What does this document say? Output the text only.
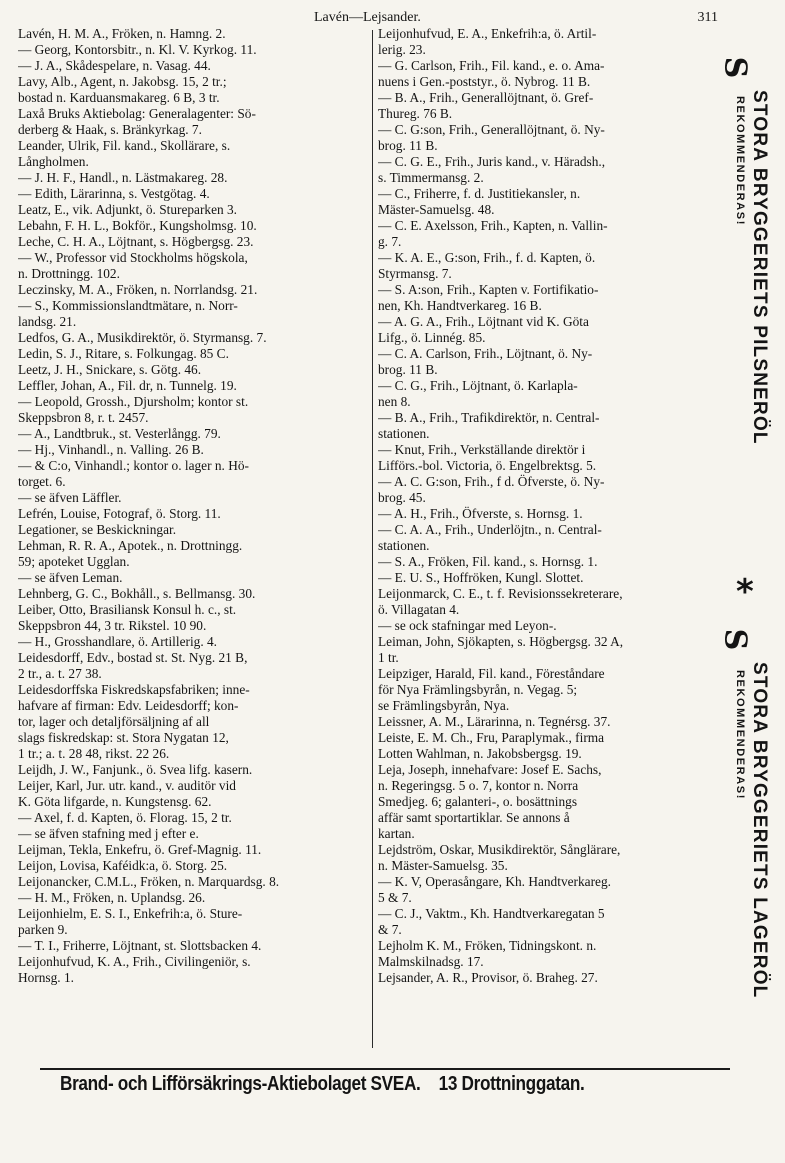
Lavén—Lejsander.	311

Lavén, H. M. A., Fröken, n. Hamng. 2.

— Georg, Kontorsbitr., n. Kl. V. Kyrkog. 11.

— J. A., Skådespelare, n. Vasag. 44.

Lavy, Alb., Agent, n. Jakobsg. 15, 2 tr.;
bostad n. Karduansmakareg. 6 B, 3 tr.

Laxå Bruks Aktiebolag: Generalagenter: Sö-
derberg & Haak, s. Bränkyrkag. 7.

Leander, Ulrik, Fil. kand., Skollärare, s.
Långholmen.

— J. H. F., Handl., n. Lästmakareg. 28.

— Edith, Lärarinna, s. Vestgötag. 4.

Leatz, E., vik. Adjunkt, ö. Stureparken 3.

Lebahn, F. H. L., Bokför., Kungsholmsg. 10.

Leche, C. H. A., Löjtnant, s. Högbergsg. 23.

— W., Professor vid Stockholms högskola,
n. Drottningg. 102.

Leczinsky, M. A., Fröken, n. Norrlandsg. 21.

— S., Kommissionslandtmätare, n. Norr-
landsg. 21.

Ledfos, G. A., Musikdirektör, ö. Styrmansg. 7.

Ledin, S. J., Ritare, s. Folkungag. 85 C.

Leetz, J. H., Snickare, s. Götg. 46.

Leffler, Johan, A., Fil. dr, n. Tunnelg. 19.

— Leopold, Grossh., Djursholm; kontor st.
Skeppsbron 8, r. t. 2457.

— A., Landtbruk., st. Vesterlångg. 79.

— Hj., Vinhandl., n. Valling. 26 B.

— & C:o, Vinhandl.; kontor o. lager n. Hö-
torget. 6.

— se äfven Läffler.

Lefrén, Louise, Fotograf, ö. Storg. 11.

Legationer, se Beskickningar.

Lehman, R. R. A., Apotek., n. Drottningg.
59; apoteket Ugglan.

— se äfven Leman.

Lehnberg, G. C., Bokhåll., s. Bellmansg. 30.

Leiber, Otto, Brasiliansk Konsul h. c., st.
Skeppsbron 44, 3 tr. Rikstel. 10 90.

— H., Grosshandlare, ö. Artillerig. 4.

Leidesdorff, Edv., bostad st. St. Nyg. 21 B,
2 tr., a. t. 27 38.

Leidesdorffska Fiskredskapsfabriken; inne-
hafvare af firman: Edv. Leidesdorff; kon-
tor, lager och detaljförsäljning af all
slags fiskredskap: st. Stora Nygatan 12,
1 tr.; a. t. 28 48, rikst. 22 26.

Leijdh, J. W., Fanjunk., ö. Svea lifg. kasern.

Leijer, Karl, Jur. utr. kand., v. auditör vid
K. Göta lifgarde, n. Kungstensg. 62.

— Axel, f. d. Kapten, ö. Florag. 15, 2 tr.

— se äfven stafning med j efter e.

Leijman, Tekla, Enkefru, ö. Gref-Magnig. 11.

Leijon, Lovisa, Kaféidk:a, ö. Storg. 25.

Leijonancker, C.M.L., Fröken, n. Marquardsg. 8.

— H. M., Fröken, n. Uplandsg. 26.

Leijonhielm, E. S. I., Enkefrih:a, ö. Sture-
parken 9.

— T. I., Friherre, Löjtnant, st. Slottsbacken 4.

Leijonhufvud, K. A., Frih., Civilingeniör, s.
Hornsg. 1.

Leijonhufvud, E. A., Enkefrih:a, ö. Artil-
lerig. 23.

— G. Carlson, Frih., Fil. kand., e. o. Ama-
nuens i Gen.-poststyr., ö. Nybrog. 11 B.

— B. A., Frih., Generallöjtnant, ö. Gref-
Thureg. 76 B.

— C. G:son, Frih., Generallöjtnant, ö. Ny-
brog. 11 B.

— C. G. E., Frih., Juris kand., v. Häradsh.,
s. Timmermansg. 2.

— C., Friherre, f. d. Justitiekansler, n.
Mäster-Samuelsg. 48.

— C. E. Axelsson, Frih., Kapten, n. Vallin-
g. 7.

— K. A. E., G:son, Frih., f. d. Kapten, ö.
Styrmansg. 7.

— S. A:son, Frih., Kapten v. Fortifikatio-
nen, Kh. Handtverkareg. 16 B.

— A. G. A., Frih., Löjtnant vid K. Göta
Lifg., ö. Linnég. 85.

— C. A. Carlson, Frih., Löjtnant, ö. Ny-
brog. 11 B.

— C. G., Frih., Löjtnant, ö. Karlapla-
nen 8.

— B. A., Frih., Trafikdirektör, n. Central-
stationen.

— Knut, Frih., Verkställande direktör i
Lifförs.-bol. Victoria, ö. Engelbrektsg. 5.

— A. C. G:son, Frih., f d. Öfverste, ö. Ny-
brog. 45.

— A. H., Frih., Öfverste, s. Hornsg. 1.

— C. A. A., Frih., Underlöjtn., n. Central-
stationen.

— S. A., Fröken, Fil. kand., s. Hornsg. 1.

— E. U. S., Hoffröken, Kungl. Slottet.

Leijonmarck, C. E., t. f. Revisionssekreterare,
ö. Villagatan 4.

— se ock stafningar med Leyon-.

Leiman, John, Sjökapten, s. Högbergsg. 32 A,
1 tr.

Leipziger, Harald, Fil. kand., Föreståndare
för Nya Främlingsbyrån, n. Vegag. 5;
se Främlingsbyrån, Nya.

Leissner, A. M., Lärarinna, n. Tegnérsg. 37.

Leiste, E. M. Ch., Fru, Paraplymak., firma
Lotten Wahlman, n. Jakobsbergsg. 19.

Leja, Joseph, innehafvare: Josef E. Sachs,
n. Regeringsg. 5 o. 7, kontor n. Norra
Smedjeg. 6; galanteri-, o. bosättnings
affär samt sportartiklar. Se annons å
kartan.

Lejdström, Oskar, Musikdirektör, Sånglärare,
n. Mäster-Samuelsg. 35.

— K. V, Operasångare, Kh. Handtverkareg.
5 & 7.

— C. J., Vaktm., Kh. Handtverkaregatan 5
& 7.

Lejholm K. M., Fröken, Tidningskont. n.
Malmskilnadsg. 17.

Lejsander, A. R., Provisor, ö. Braheg. 27.

S
STORA BRYGGERIETS PILSNERÖL
REKOMMENDERAS!
*
S
STORA BRYGGERIETS LAGERÖL
REKOMMENDERAS!
Brand- och Lifförsäkrings-Aktiebolaget SVEA. 13 Drottninggatan.
